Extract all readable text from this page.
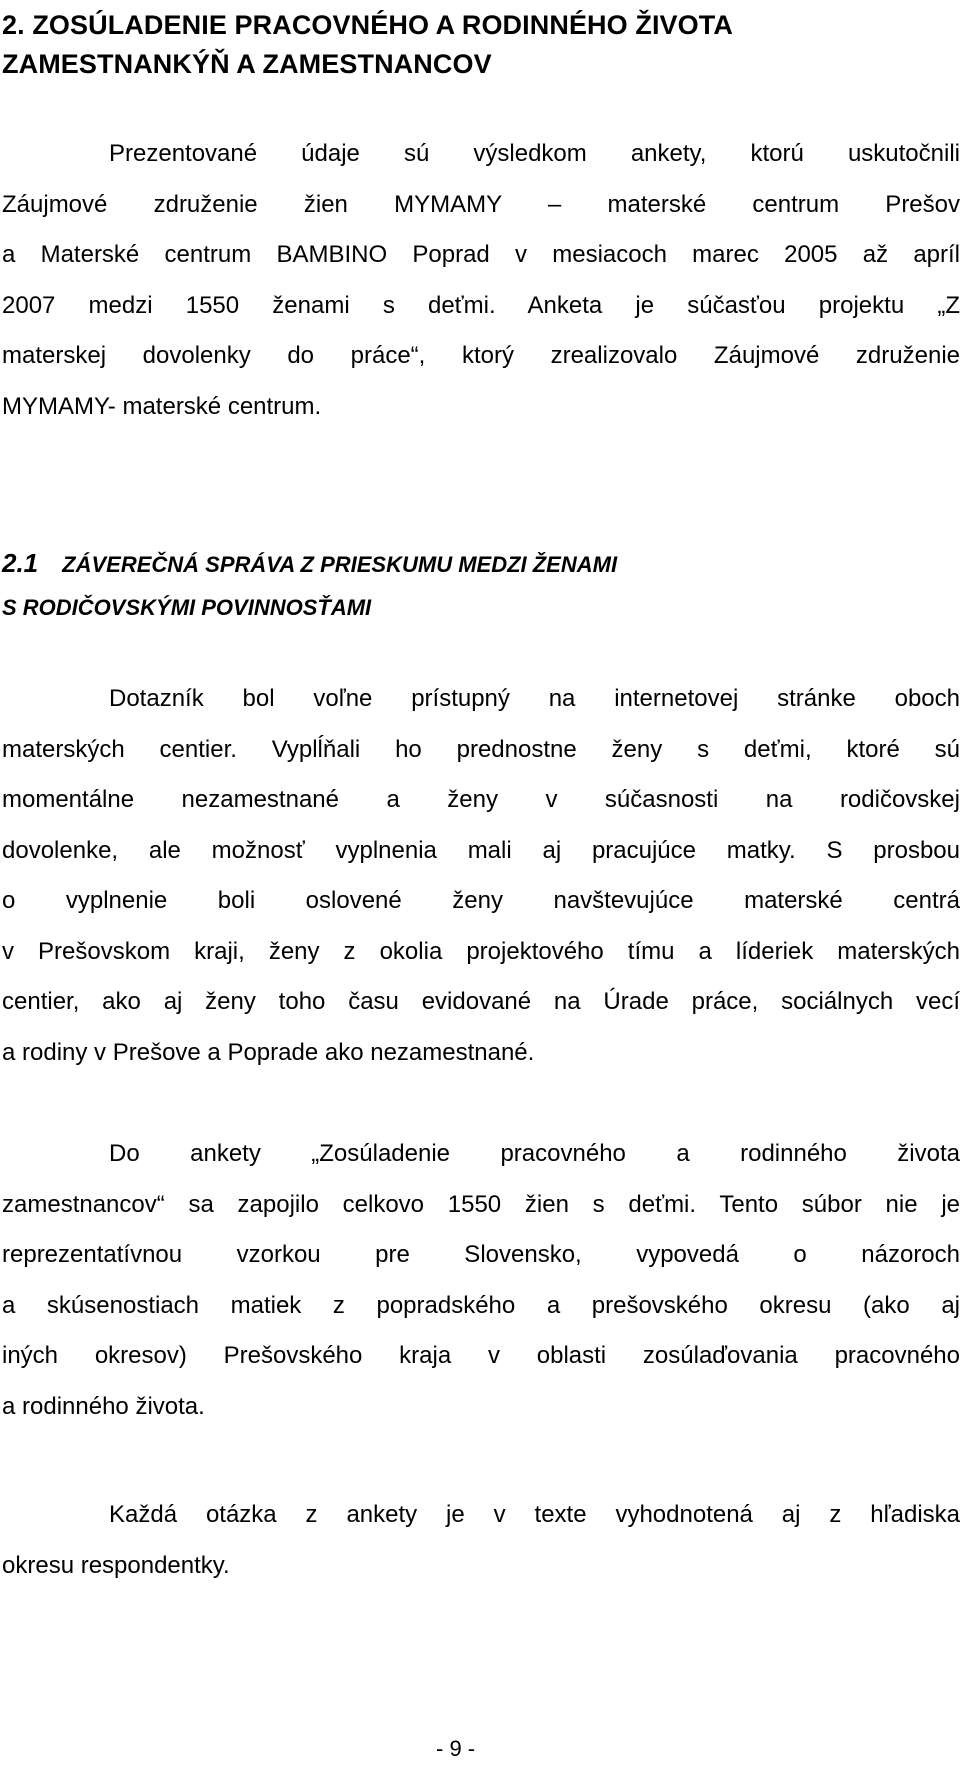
2. ZOSÚLADENIE PRACOVNÉHO A RODINNÉHO ŽIVOTA
ZAMESTNANKÝŇ A ZAMESTNANCOV
Prezentované údaje sú výsledkom ankety, ktorú uskutočnili
Záujmové združenie žien MYMAMY – materské centrum Prešov
a Materské centrum BAMBINO Poprad v mesiacoch marec 2005 až apríl
2007 medzi 1550 ženami s deťmi. Anketa je súčasťou projektu „Z
materskej dovolenky do práce“, ktorý zrealizovalo Záujmové združenie
MYMAMY- materské centrum.
2.1 ZÁVEREČNÁ SPRÁVA Z PRIESKUMU MEDZI ŽENAMI
S RODIČOVSKÝMI POVINNOSŤAMI
Dotazník bol voľne prístupný na internetovej stránke oboch
materských centier. Vyplĺňali ho prednostne ženy s deťmi, ktoré sú
momentálne nezamestnané a ženy v súčasnosti na rodičovskej
dovolenke, ale možnosť vyplnenia mali aj pracujúce matky. S prosbou
o vyplnenie boli oslovené ženy navštevujúce materské centrá
v Prešovskom kraji, ženy z okolia projektového tímu a líderiek materských
centier, ako aj ženy toho času evidované na Úrade práce, sociálnych vecí
a rodiny v Prešove a Poprade ako nezamestnané.
Do ankety „Zosúladenie pracovného a rodinného života
zamestnancov“ sa zapojilo celkovo 1550 žien s deťmi. Tento súbor nie je
reprezentatívnou vzorkou pre Slovensko, vypovedá o názoroch
a skúsenostiach matiek z popradského a prešovského okresu (ako aj
iných okresov) Prešovského kraja v oblasti zosúlaďovania pracovného
a rodinného života.
Každá otázka z ankety je v texte vyhodnotená aj z hľadiska
okresu respondentky.

- 9 -
